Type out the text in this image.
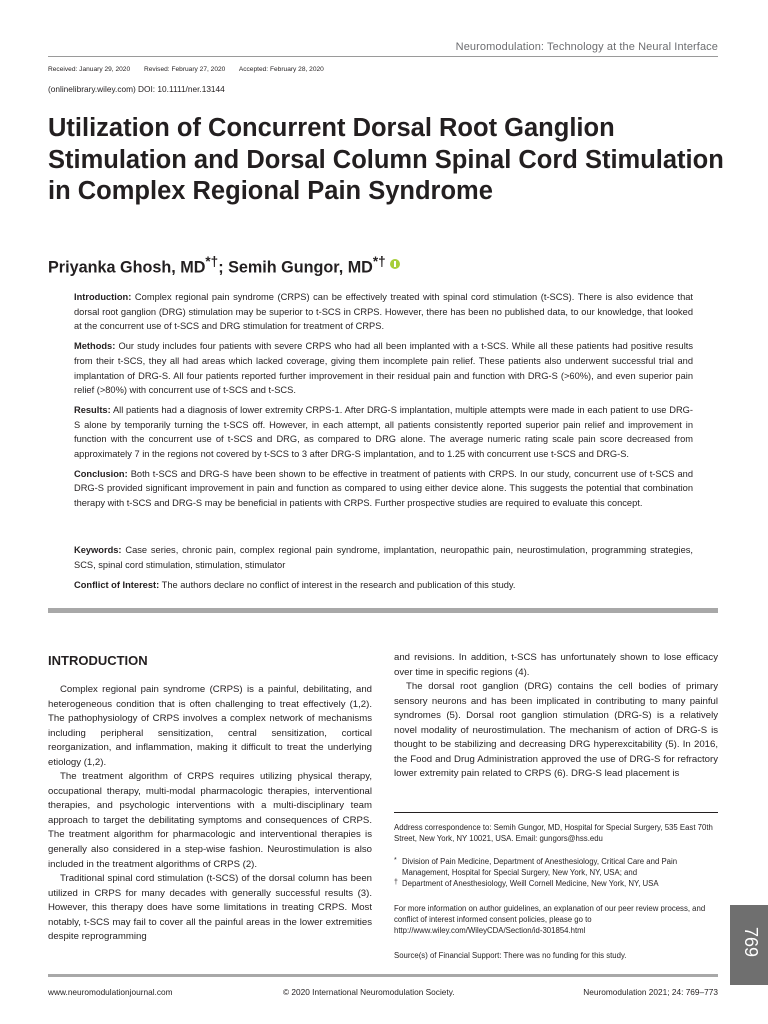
Neuromodulation: Technology at the Neural Interface
Received: January 29, 2020 Revised: February 27, 2020 Accepted: February 28, 2020
(onlinelibrary.wiley.com) DOI: 10.1111/ner.13144
Utilization of Concurrent Dorsal Root Ganglion Stimulation and Dorsal Column Spinal Cord Stimulation in Complex Regional Pain Syndrome
Priyanka Ghosh, MD*†; Semih Gungor, MD*†

Introduction: Complex regional pain syndrome (CRPS) can be effectively treated with spinal cord stimulation (t-SCS). There is also evidence that dorsal root ganglion (DRG) stimulation may be superior to t-SCS in CRPS. However, there has been no published data, to our knowledge, that looked at the concurrent use of t-SCS and DRG stimulation for treatment of CRPS.

Methods: Our study includes four patients with severe CRPS who had all been implanted with a t-SCS. While all these patients had positive results from their t-SCS, they all had areas which lacked coverage, giving them incomplete pain relief. These patients also underwent successful trial and implantation of DRG-S. All four patients reported further improvement in their residual pain and function with DRG-S (>60%), and even superior pain relief (>80%) with concurrent use of t-SCS and t-SCS.

Results: All patients had a diagnosis of lower extremity CRPS-1. After DRG-S implantation, multiple attempts were made in each patient to use DRG-S alone by temporarily turning the t-SCS off. However, in each attempt, all patients consistently reported superior pain relief and improvement in function with the concurrent use of t-SCS and DRG, as compared to DRG alone. The average numeric rating scale pain score decreased from approximately 7 in the regions not covered by t-SCS to 3 after DRG-S implantation, and to 1.25 with concurrent use t-SCS and DRG-S.

Conclusion: Both t-SCS and DRG-S have been shown to be effective in treatment of patients with CRPS. In our study, concurrent use of t-SCS and DRG-S provided significant improvement in pain and function as compared to using either device alone. This suggests the potential that combination therapy with t-SCS and DRG-S may be beneficial in patients with CRPS. Further prospective studies are required to evaluate this concept.

Keywords: Case series, chronic pain, complex regional pain syndrome, implantation, neuropathic pain, neurostimulation, programming strategies, SCS, spinal cord stimulation, stimulation, stimulator
Conflict of Interest: The authors declare no conflict of interest in the research and publication of this study.
INTRODUCTION

Complex regional pain syndrome (CRPS) is a painful, debilitating, and heterogeneous condition that is often challenging to treat effectively (1,2). The pathophysiology of CRPS involves a complex network of mechanisms including peripheral sensitization, central sensitization, cortical reorganization, and inflammation, making it difficult to treat the underlying etiology (1,2).

The treatment algorithm of CRPS requires utilizing physical therapy, occupational therapy, multi-modal pharmacologic therapies, interventional therapies, and psychologic interventions with a multi-disciplinary team approach to target the debilitating symptoms and consequences of CRPS. The treatment algorithm for pharmacologic and interventional therapies is generally also considered in a step-wise fashion. Neurostimulation is also included in the treatment algorithms of CRPS (2).

Traditional spinal cord stimulation (t-SCS) of the dorsal column has been utilized in CRPS for many decades with generally successful results (3). However, this therapy does have some limitations in treating CRPS. Most notably, t-SCS may fail to cover all the painful areas in the lower extremities despite reprogramming

and revisions. In addition, t-SCS has unfortunately shown to lose efficacy over time in specific regions (4).

The dorsal root ganglion (DRG) contains the cell bodies of primary sensory neurons and has been implicated in contributing to many painful syndromes (5). Dorsal root ganglion stimulation (DRG-S) is a relatively novel modality of neurostimulation. The mechanism of action of DRG-S is thought to be stabilizing and decreasing DRG hyperexcitability (5). In 2016, the Food and Drug Administration approved the use of DRG-S for refractory lower extremity pain related to CRPS (6). DRG-S lead placement is

Address correspondence to: Semih Gungor, MD, Hospital for Special Surgery, 535 East 70th Street, New York, NY 10021, USA. Email: gungors@hss.edu
* Division of Pain Medicine, Department of Anesthesiology, Critical Care and Pain Management, Hospital for Special Surgery, New York, NY, USA; and
† Department of Anesthesiology, Weill Cornell Medicine, New York, NY, USA
For more information on author guidelines, an explanation of our peer review process, and conflict of interest informed consent policies, please go to http://www.wiley.com/WileyCDA/Section/id-301854.html
Source(s) of Financial Support: There was no funding for this study.
www.neuromodulationjournal.com	© 2020 International Neuromodulation Society.	Neuromodulation 2021; 24: 769–773
769
